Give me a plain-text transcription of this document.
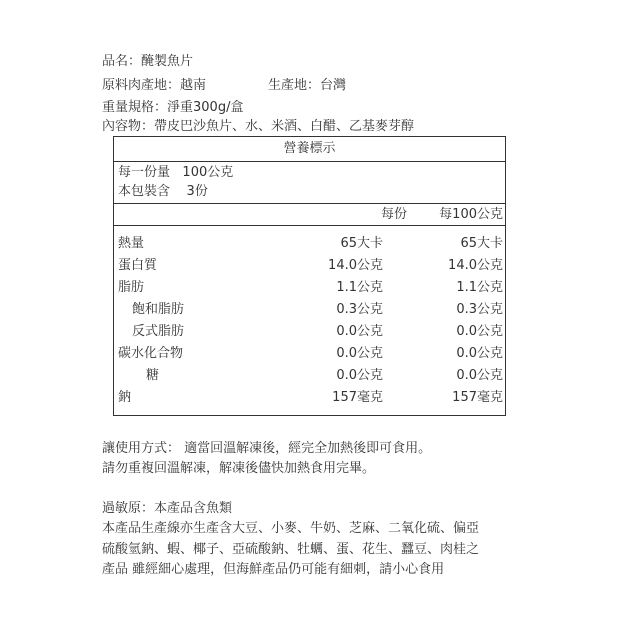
品名：醃製魚片
原料肉產地：越南	生產地：台灣
重量規格：淨重300g/盒
內容物：帶皮巴沙魚片、水、米酒、白醋、乙基麥芽醇
營養標示
每一份量 100公克
本包裝含 3份
每份 每100公克
熱量	65大卡	65大卡
蛋白質	14.0公克	14.0公克
脂肪	1.1公克	1.1公克
飽和脂肪	0.3公克	0.3公克
反式脂肪	0.0公克	0.0公克
碳水化合物	0.0公克	0.0公克
糖	0.0公克	0.0公克
鈉	157毫克	157毫克
讓使用方式： 適當回溫解凍後，經完全加熱後即可食用。
請勿重複回溫解凍，解凍後儘快加熱食用完畢。
過敏原：本產品含魚類
本產品生產線亦生產含大豆、小麥、牛奶、芝麻、二氧化硫、偏亞
硫酸氫鈉、蝦、椰子、亞硫酸鈉、牡蠣、蛋、花生、蠶豆、肉桂之
產品 雖經細心處理，但海鮮產品仍可能有細刺，請小心食用
